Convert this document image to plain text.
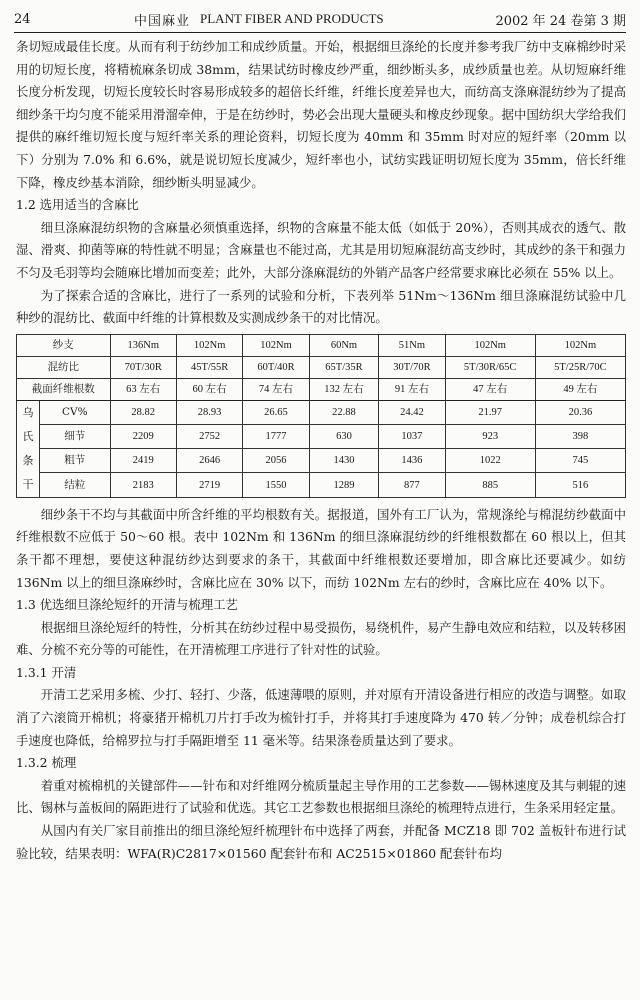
24	中国麻业 PLANT FIBER AND PRODUCTS	2002 年 24 卷第 3 期

条切短成最佳长度。从而有利于纺纱加工和成纱质量。开始，根据细旦涤纶的长度并参考我厂纺中支麻棉纱时采用的切短长度，将精梳麻条切成 38mm，结果试纺时橡皮纱严重，细纱断头多，成纱质量也差。从切短麻纤维长度分析发现，切短长度较长时容易形成较多的超倍长纤维，纤维长度差异也大，而纺高支涤麻混纺纱为了提高细纱条干均匀度不能采用滑溜牵伸，于是在纺纱时，势必会出现大量硬头和橡皮纱现象。据中国纺织大学给我们提供的麻纤维切短长度与短纤率关系的理论资料，切短长度为 40mm 和 35mm 时对应的短纤率（20mm 以下）分别为 7.0% 和 6.6%，就是说切短长度减少，短纤率也小，试纺实践证明切短长度为 35mm，倍长纤维下降，橡皮纱基本消除，细纱断头明显减少。

1.2 选用适当的含麻比

细旦涤麻混纺织物的含麻量必须慎重选择，织物的含麻量不能太低（如低于 20%），否则其成衣的透气、散湿、滑爽、抑菌等麻的特性就不明显；含麻量也不能过高，尤其是用切短麻混纺高支纱时，其成纱的条干和强力不匀及毛羽等均会随麻比增加而变差；此外，大部分涤麻混纺的外销产品客户经常要求麻比必须在 55% 以上。

为了探索合适的含麻比，进行了一系列的试验和分析，下表列举 51Nm～136Nm 细旦涤麻混纺试验中几种纱的混纺比、截面中纤维的计算根数及实测成纱条干的对比情况。

纱支		136Nm	102Nm	102Nm	60Nm	51Nm	102Nm	102Nm
混纺比		70T/30R	45T/55R	60T/40R	65T/35R	30T/70R	5T/30R/65C	5T/25R/70C
截面纤维根数		63 左右	60 左右	74 左右	132 左右	91 左右	47 左右	49 左右
乌
氏
条
干	CV%	28.82	28.93	26.65	22.88	24.42	21.97	20.36
	细节	2209	2752	1777	630	1037	923	398
	粗节	2419	2646	2056	1430	1436	1022	745
	结粒	2183	2719	1550	1289	877	885	516

细纱条干不均与其截面中所含纤维的平均根数有关。据报道，国外有工厂认为，常规涤纶与棉混纺纱截面中纤维根数不应低于 50～60 根。表中 102Nm 和 136Nm 的细旦涤麻混纺纱的纤维根数都在 60 根以上，但其条干都不理想，要使这种混纺纱达到要求的条干，其截面中纤维根数还要增加，即含麻比还要减少。如纺 136Nm 以上的细旦涤麻纱时，含麻比应在 30% 以下，而纺 102Nm 左右的纱时，含麻比应在 40% 以下。

1.3 优选细旦涤纶短纤的开清与梳理工艺

根据细旦涤纶短纤的特性，分析其在纺纱过程中易受损伤，易绕机件，易产生静电效应和结粒，以及转移困难、分梳不充分等的可能性，在开清梳理工序进行了针对性的试验。

1.3.1 开清

开清工艺采用多梳、少打、轻打、少落，低速薄喂的原则，并对原有开清设备进行相应的改造与调整。如取消了六滚筒开棉机；将豪猪开棉机刀片打手改为梳针打手，并将其打手速度降为 470 转／分钟；成卷机综合打手速度也降低，给棉罗拉与打手隔距增至 11 毫米等。结果涤卷质量达到了要求。

1.3.2 梳理

着重对梳棉机的关键部件——针布和对纤维网分梳质量起主导作用的工艺参数——锡林速度及其与刺辊的速比、锡林与盖板间的隔距进行了试验和优选。其它工艺参数也根据细旦涤纶的梳理特点进行，生条采用轻定量。

从国内有关厂家目前推出的细旦涤纶短纤梳理针布中选择了两套，并配备 MCZ18 即 702 盖板针布进行试验比较，结果表明：WFA(R)C2817×01560 配套针布和 AC2515×01860 配套针布均
